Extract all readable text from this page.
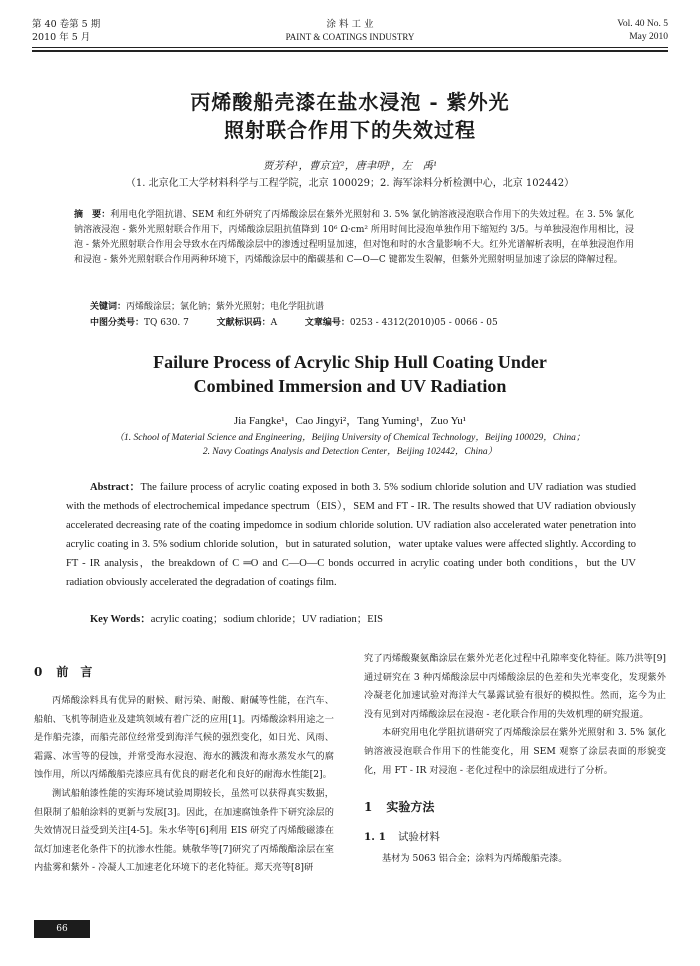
第 40 卷第 5 期
2010 年 5 月
涂 料 工 业
PAINT & COATINGS INDUSTRY
Vol. 40 No. 5
May 2010
丙烯酸船壳漆在盐水浸泡 - 紫外光
照射联合作用下的失效过程
贾芳科¹，曹京宜²，唐聿明¹，左　禹¹
（1. 北京化工大学材料科学与工程学院，北京 100029；2. 海军涂料分析检测中心，北京 102442）
摘　要：利用电化学阻抗谱、SEM 和红外研究了丙烯酸涂层在紫外光照射和 3. 5% 氯化钠溶液浸泡联合作用下的失效过程。在 3. 5% 氯化钠溶液浸泡 - 紫外光照射联合作用下，丙烯酸涂层阻抗值降到 10⁶ Ω·cm² 所用时间比浸泡单独作用下缩短约 3/5。与单独浸泡作用相比，浸泡 - 紫外光照射联合作用会导致水在丙烯酸涂层中的渗透过程明显加速，但对饱和时的水含量影响不大。红外光谱解析表明，在单独浸泡作用和浸泡 - 紫外光照射联合作用两种环境下，丙烯酸涂层中的酯碳基和 C—O—C 键都发生裂解，但紫外光照射明显加速了涂层的降解过程。
关键词：丙烯酸涂层；氯化钠；紫外光照射；电化学阻抗谱
中图分类号：TQ 630. 7	文献标识码：A	文章编号：0253 - 4312(2010)05 - 0066 - 05
Failure Process of Acrylic Ship Hull Coating Under
Combined Immersion and UV Radiation
Jia Fangke¹，Cao Jingyi²，Tang Yuming¹，Zuo Yu¹
（1. School of Material Science and Engineering，Beijing University of Chemical Technology，Beijing 100029，China；
2. Navy Coatings Analysis and Detection Center，Beijing 102442，China）
Abstract：The failure process of acrylic coating exposed in both 3. 5% sodium chloride solution and UV radiation was studied with the methods of electrochemical impedance spectrum（EIS），SEM and FT - IR. The results showed that UV radiation obviously accelerated decreasing rate of the coating impedomce in sodium chloride solution. UV radiation also accelerated water penetration into acrylic coating in 3. 5% sodium chloride solution，but in saturated solution，water uptake values were affected slightly. According to FT - IR analysis，the breakdown of C ═O and C—O—C bonds occurred in acrylic coating under both conditions，but the UV radiation obviously accelerated the degradation of coatings film.
Key Words：acrylic coating；sodium chloride；UV radiation；EIS
0 前　言
丙烯酸涂料具有优异的耐候、耐污染、耐酸、耐碱等性能，在汽车、船舶、飞机等制造业及建筑领域有着广泛的应用[1]。丙烯酸涂料用途之一是作船壳漆，而船壳部位经常受到海洋气候的强烈变化，如日光、风雨、霜露、冰雪等的侵蚀，并常受海水浸泡、海水的溅泼和海水蒸发水气的腐蚀作用，所以丙烯酸船壳漆应具有优良的耐老化和良好的耐海水性能[2]。
测试船舶漆性能的实海环境试验周期较长，虽然可以获得真实数据，但限制了船舶涂料的更新与发展[3]。因此，在加速腐蚀条件下研究涂层的失效情况日益受到关注[4-5]。朱水华等[6]利用 EIS 研究了丙烯酸磁漆在氙灯加速老化条件下的抗渗水性能。姚敬华等[7]研究了丙烯酸酯涂层在室内盐雾和紫外 - 冷凝人工加速老化环境下的老化特征。郑天亮等[8]研
究了丙烯酸聚氨酯涂层在紫外光老化过程中孔隙率变化特征。陈乃洪等[9]通过研究在 3 种丙烯酸涂层中丙烯酸涂层的色差和失光率变化，发现紫外冷凝老化加速试验对海洋大气暴露试验有很好的模拟性。然而，迄今为止没有见到对丙烯酸涂层在浸泡 - 老化联合作用的失效机理的研究报道。
本研究用电化学阻抗谱研究了丙烯酸涂层在紫外光照射和 3. 5% 氯化钠溶液浸泡联合作用下的性能变化，用 SEM 观察了涂层表面的形貌变化，用 FT - IR 对浸泡 - 老化过程中的涂层组成进行了分析。
1 实验方法
1. 1 试验材料
基材为 5063 铝合金；涂料为丙烯酸船壳漆。
66
